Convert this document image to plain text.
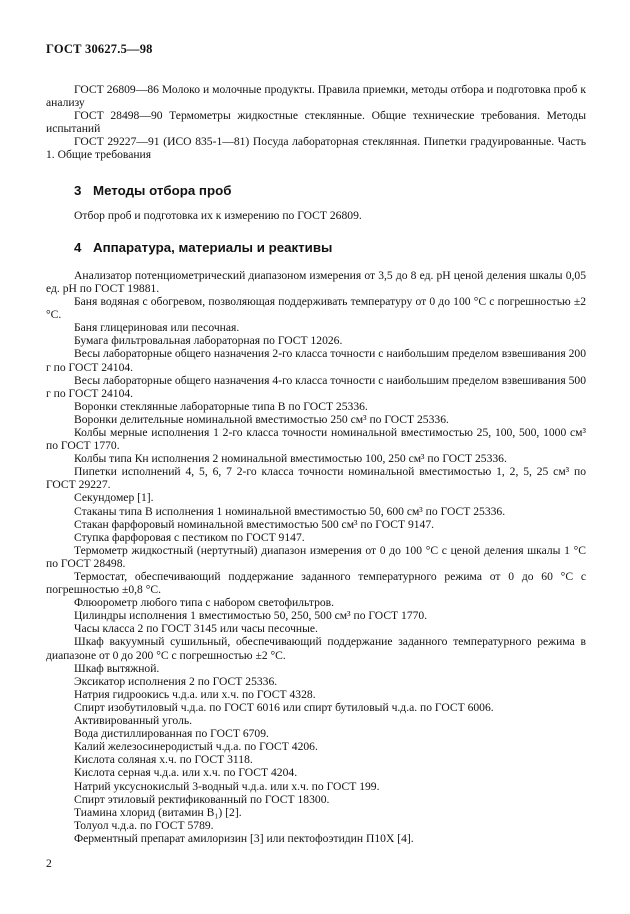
ГОСТ 30627.5—98

ГОСТ 26809—86 Молоко и молочные продукты. Правила приемки, методы отбора и подготовка проб к анализу

ГОСТ 28498—90 Термометры жидкостные стеклянные. Общие технические требования. Методы испытаний

ГОСТ 29227—91 (ИСО 835-1—81) Посуда лабораторная стеклянная. Пипетки градуированные. Часть 1. Общие требования

3 Методы отбора проб

Отбор проб и подготовка их к измерению по ГОСТ 26809.

4 Аппаратура, материалы и реактивы

Анализатор потенциометрический диапазоном измерения от 3,5 до 8 ед. рН ценой деления шкалы 0,05 ед. рН по ГОСТ 19881.

Баня водяная с обогревом, позволяющая поддерживать температуру от 0 до 100 °С с погрешностью ±2 °С.

Баня глицериновая или песочная.

Бумага фильтровальная лабораторная по ГОСТ 12026.

Весы лабораторные общего назначения 2-го класса точности с наибольшим пределом взвешивания 200 г по ГОСТ 24104.

Весы лабораторные общего назначения 4-го класса точности с наибольшим пределом взвешивания 500 г по ГОСТ 24104.

Воронки стеклянные лабораторные типа В по ГОСТ 25336.

Воронки делительные номинальной вместимостью 250 см³ по ГОСТ 25336.

Колбы мерные исполнения 1 2-го класса точности номинальной вместимостью 25, 100, 500, 1000 см³ по ГОСТ 1770.

Колбы типа Кн исполнения 2 номинальной вместимостью 100, 250 см³ по ГОСТ 25336.

Пипетки исполнений 4, 5, 6, 7 2-го класса точности номинальной вместимостью 1, 2, 5, 25 см³ по ГОСТ 29227.

Секундомер [1].

Стаканы типа В исполнения 1 номинальной вместимостью 50, 600 см³ по ГОСТ 25336.

Стакан фарфоровый номинальной вместимостью 500 см³ по ГОСТ 9147.

Ступка фарфоровая с пестиком по ГОСТ 9147.

Термометр жидкостный (нертутный) диапазон измерения от 0 до 100 °С с ценой деления шкалы 1 °С по ГОСТ 28498.

Термостат, обеспечивающий поддержание заданного температурного режима от 0 до 60 °С с погрешностью ±0,8 °С.

Флюорометр любого типа с набором светофильтров.

Цилиндры исполнения 1 вместимостью 50, 250, 500 см³ по ГОСТ 1770.

Часы класса 2 по ГОСТ 3145 или часы песочные.

Шкаф вакуумный сушильный, обеспечивающий поддержание заданного температурного режима в диапазоне от 0 до 200 °С с погрешностью ±2 °С.

Шкаф вытяжной.

Эксикатор исполнения 2 по ГОСТ 25336.

Натрия гидроокись ч.д.а. или х.ч. по ГОСТ 4328.

Спирт изобутиловый ч.д.а. по ГОСТ 6016 или спирт бутиловый ч.д.а. по ГОСТ 6006.

Активированный уголь.

Вода дистиллированная по ГОСТ 6709.

Калий железосинеродистый ч.д.а. по ГОСТ 4206.

Кислота соляная х.ч. по ГОСТ 3118.

Кислота серная ч.д.а. или х.ч. по ГОСТ 4204.

Натрий уксуснокислый 3-водный ч.д.а. или х.ч. по ГОСТ 199.

Спирт этиловый ректификованный по ГОСТ 18300.

Тиамина хлорид (витамин В₁) [2].

Толуол ч.д.а. по ГОСТ 5789.

Ферментный препарат амилоризин [3] или пектофоэтидин П10Х [4].

2
